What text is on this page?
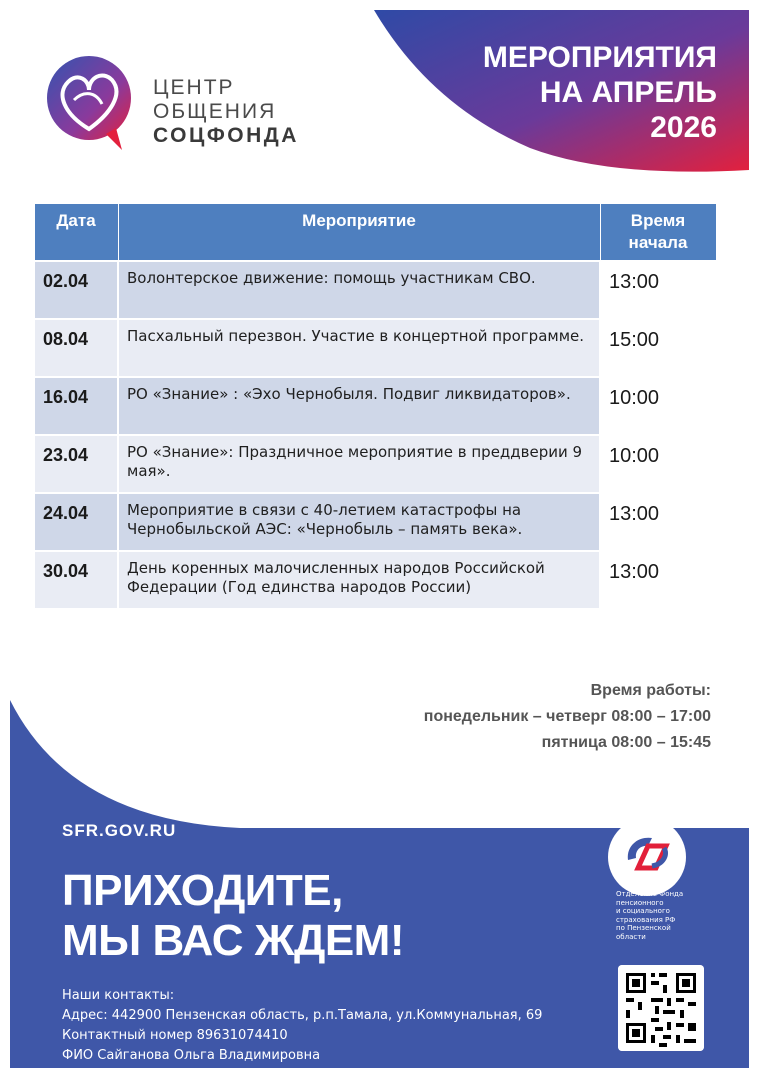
ЦЕНТР
ОБЩЕНИЯ
СОЦФОНДА
МЕРОПРИЯТИЯ
НА АПРЕЛЬ
2026
Дата	Мероприятие	Время начала
02.04	Волонтерское движение: помощь участникам СВО.	13:00
08.04	Пасхальный перезвон. Участие в концертной программе.	15:00
16.04	РО «Знание» : «Эхо Чернобыля. Подвиг ликвидаторов».	10:00
23.04	РО «Знание»: Праздничное мероприятие в преддверии 9 мая».	10:00
24.04	Мероприятие в связи с 40-летием катастрофы на Чернобыльской АЭС: «Чернобыль – память века».	13:00
30.04	День коренных малочисленных народов Российской Федерации (Год единства народов России)	13:00
Время работы:
понедельник – четверг 08:00 – 17:00
пятница 08:00 – 15:45
SFR.GOV.RU
ПРИХОДИТЕ,
МЫ ВАС ЖДЕМ!
Наши контакты:
Адрес: 442900 Пензенская область, р.п.Тамала, ул.Коммунальная, 69
Контактный номер 89631074410
ФИО Сайганова Ольга Владимировна
Отделение Фонда
пенсионного
и социального
страхования РФ
по Пензенской
области
